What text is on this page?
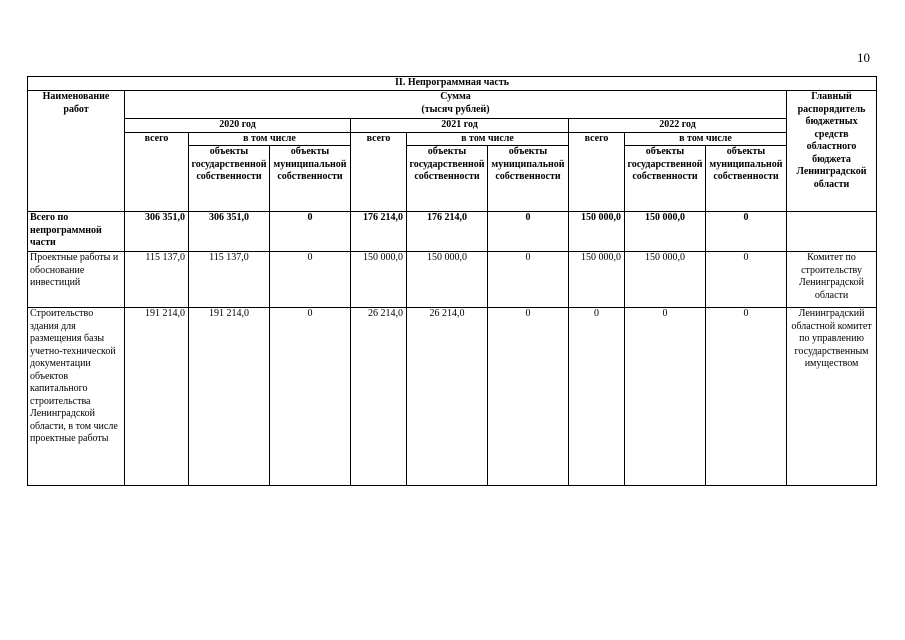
10
II. Непрограммная часть										
Наименование работ	Сумма
(тысяч рублей)									Главный распорядитель бюджетных средств областного бюджета Ленинградской области
	2020 год			2021 год			2022 год			
	всего	в том числе		всего	в том числе		всего	в том числе		
		объекты государственной собственности	объекты муниципальной собственности		объекты государственной собственности	объекты муниципальной собственности		объекты государственной собственности	объекты муниципальной собственности	
Всего по непрограммной части	306 351,0	306 351,0	0	176 214,0	176 214,0	0	150 000,0	150 000,0	0	
Проектные работы и обоснование инвестиций	115 137,0	115 137,0	0	150 000,0	150 000,0	0	150 000,0	150 000,0	0	Комитет по строительству Ленинградской области
Строительство здания для размещения базы учетно-технической документации объектов капитального строительства Ленинградской области, в том числе проектные работы	191 214,0	191 214,0	0	26 214,0	26 214,0	0	0	0	0	Ленинградский областной комитет по управлению государственным имуществом
